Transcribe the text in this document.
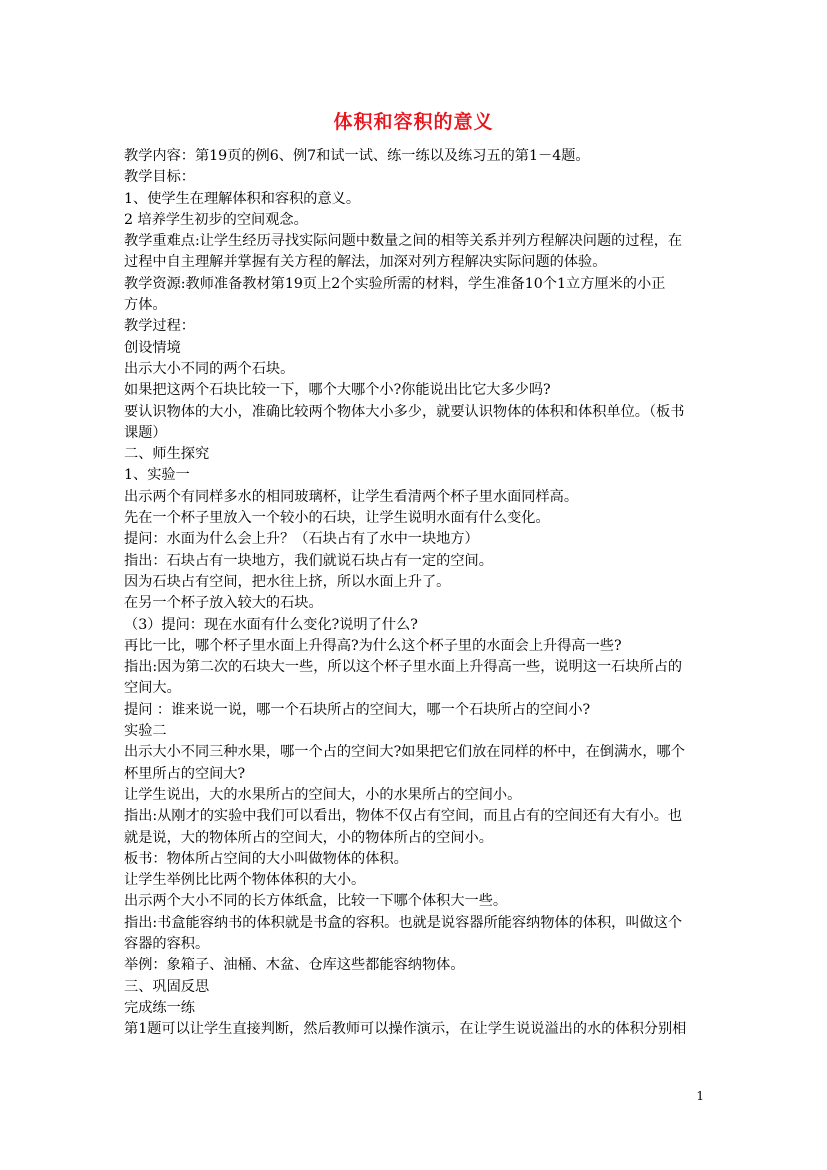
体积和容积的意义
教学内容：第19页的例6、例7和试一试、练一练以及练习五的第1－4题。
教学目标：
1、使学生在理解体积和容积的意义。
2 培养学生初步的空间观念。
教学重难点:让学生经历寻找实际问题中数量之间的相等关系并列方程解决问题的过程，在
过程中自主理解并掌握有关方程的解法，加深对列方程解决实际问题的体验。
教学资源:教师准备教材第19页上2个实验所需的材料，学生准备10个1立方厘米的小正
方体。
教学过程：
创设情境
出示大小不同的两个石块。
如果把这两个石块比较一下，哪个大哪个小?你能说出比它大多少吗?
要认识物体的大小，准确比较两个物体大小多少，就要认识物体的体积和体积单位。（板书
课题）
二、师生探究
1、实验一
出示两个有同样多水的相同玻璃杯，让学生看清两个杯子里水面同样高。
先在一个杯子里放入一个较小的石块，让学生说明水面有什么变化。
提问：水面为什么会上升？（石块占有了水中一块地方）
指出：石块占有一块地方，我们就说石块占有一定的空间。
因为石块占有空间，把水往上挤，所以水面上升了。
在另一个杯子放入较大的石块。
（3）提问：现在水面有什么变化?说明了什么?
再比一比，哪个杯子里水面上升得高?为什么这个杯子里的水面会上升得高一些?
指出:因为第二次的石块大一些，所以这个杯子里水面上升得高一些，说明这一石块所占的
空间大。
提问 ：谁来说一说，哪一个石块所占的空间大，哪一个石块所占的空间小?
实验二
出示大小不同三种水果，哪一个占的空间大?如果把它们放在同样的杯中，在倒满水，哪个
杯里所占的空间大?
让学生说出，大的水果所占的空间大，小的水果所占的空间小。
指出:从刚才的实验中我们可以看出，物体不仅占有空间，而且占有的空间还有大有小。也
就是说，大的物体所占的空间大，小的物体所占的空间小。
板书：物体所占空间的大小叫做物体的体积。
让学生举例比比两个物体体积的大小。
出示两个大小不同的长方体纸盒，比较一下哪个体积大一些。
指出:书盒能容纳书的体积就是书盒的容积。也就是说容器所能容纳物体的体积，叫做这个
容器的容积。
举例：象箱子、油桶、木盆、仓库这些都能容纳物体。
三、巩固反思
完成练一练
第1题可以让学生直接判断，然后教师可以操作演示，在让学生说说溢出的水的体积分别相
1
